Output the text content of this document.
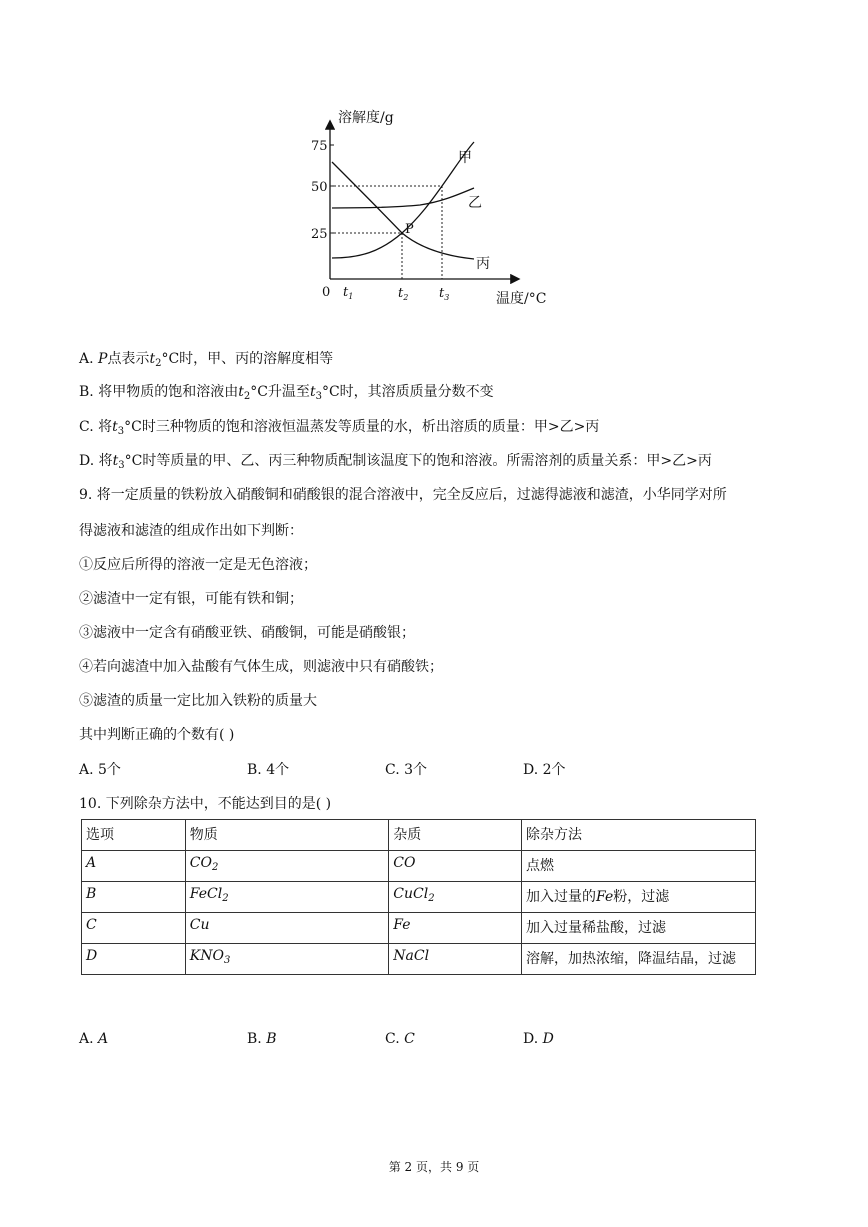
溶解度/g
温度/°C
0
75
50
25
$t_1$	$t_2$ $t_3$
甲
乙
丙
P
A. P点表示$t_2^\circ C$时，甲、丙的溶解度相等
B. 将甲物质的饱和溶液由$t_2^\circ C$升温至$t_3^\circ C$时，其溶质质量分数不变
C. 将$t_3^\circ C$时三种物质的饱和溶液恒温蒸发等质量的水，析出溶质的质量：甲>乙>丙
D. 将$t_3^\circ C$时等质量的甲、乙、丙三种物质配制该温度下的饱和溶液。所需溶剂的质量关系：甲>乙>丙
9. 将一定质量的铁粉放入硝酸铜和硝酸银的混合溶液中，完全反应后，过滤得滤液和滤渣，小华同学对所
得滤液和滤渣的组成作出如下判断：
①反应后所得的溶液一定是无色溶液；
②滤渣中一定有银，可能有铁和铜；
③滤液中一定含有硝酸亚铁、硝酸铜，可能是硝酸银；
④若向滤渣中加入盐酸有气体生成，则滤液中只有硝酸铁；
⑤滤渣的质量一定比加入铁粉的质量大
其中判断正确的个数有( )
A. 5个	B. 4个	C. 3个	D. 2个
10. 下列除杂方法中，不能达到目的是( )
选项	物质	杂质	除杂方法
A	$CO_2$	CO	点燃
B	FeCl$_2$	CuCl$_2$	加入过量的Fe粉，过滤
C	Cu	Fe	加入过量稀盐酸，过滤
D	$KNO_3$	NaCl	溶解，加热浓缩，降温结晶，过滤
A. A	B. B	C. C	D. D
第 2 页，共 9 页
